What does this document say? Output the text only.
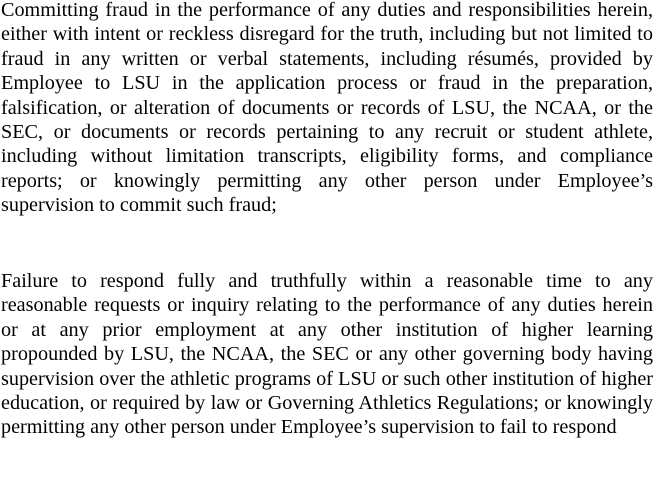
Committing fraud in the performance of any duties and responsibilities herein, either with intent or reckless disregard for the truth, including but not limited to fraud in any written or verbal statements, including résumés, provided by Employee to LSU in the application process or fraud in the preparation, falsification, or alteration of documents or records of LSU, the NCAA, or the SEC, or documents or records pertaining to any recruit or student athlete, including without limitation transcripts, eligibility forms, and compliance reports; or knowingly permitting any other person under Employee’s supervision to commit such fraud;

Failure to respond fully and truthfully within a reasonable time to any reasonable requests or inquiry relating to the performance of any duties herein or at any prior employment at any other institution of higher learning propounded by LSU, the NCAA, the SEC or any other governing body having supervision over the athletic programs of LSU or such other institution of higher education, or required by law or Governing Athletics Regulations; or knowingly permitting any other person under Employee’s supervision to fail to respond
